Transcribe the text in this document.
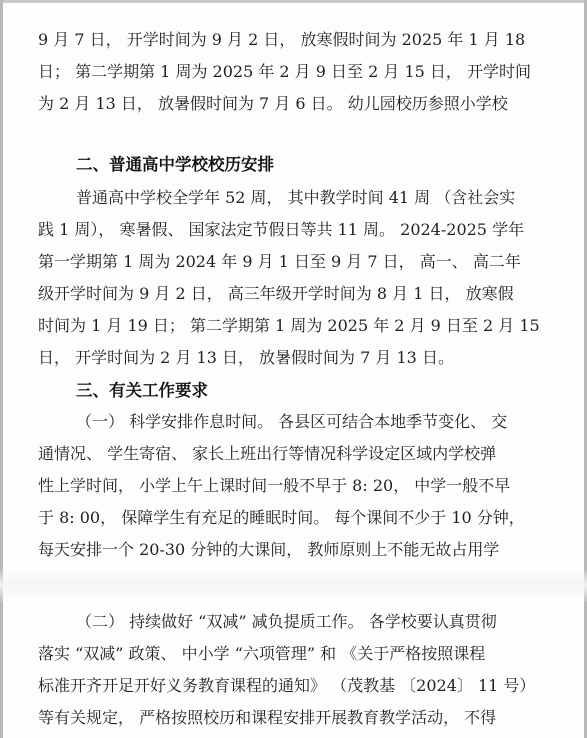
9 月 7 日， 开学时间为 9 月 2 日， 放寒假时间为 2025 年 1 月 18
日； 第二学期第 1 周为 2025 年 2 月 9 日至 2 月 15 日， 开学时间
为 2 月 13 日， 放暑假时间为 7 月 6 日。 幼儿园校历参照小学校
二、普通高中学校校历安排
普通高中学校全学年 52 周， 其中教学时间 41 周 （含社会实
践 1 周）， 寒暑假、 国家法定节假日等共 11 周。 2024-2025 学年
第一学期第 1 周为 2024 年 9 月 1 日至 9 月 7 日， 高一、 高二年
级开学时间为 9 月 2 日， 高三年级开学时间为 8 月 1 日， 放寒假
时间为 1 月 19 日； 第二学期第 1 周为 2025 年 2 月 9 日至 2 月 15
日， 开学时间为 2 月 13 日， 放暑假时间为 7 月 13 日。
三、有关工作要求
（一） 科学安排作息时间。 各县区可结合本地季节变化、 交
通情况、 学生寄宿、 家长上班出行等情况科学设定区域内学校弹
性上学时间， 小学上午上课时间一般不早于 8: 20， 中学一般不早
于 8: 00， 保障学生有充足的睡眠时间。 每个课间不少于 10 分钟，
每天安排一个 20-30 分钟的大课间， 教师原则上不能无故占用学
（二） 持续做好 “双减” 减负提质工作。 各学校要认真贯彻
落实 “双减” 政策、 中小学 “六项管理” 和 《关于严格按照课程
标准开齐开足开好义务教育课程的通知》 （茂教基 〔2024〕 11 号）
等有关规定， 严格按照校历和课程安排开展教育教学活动， 不得
